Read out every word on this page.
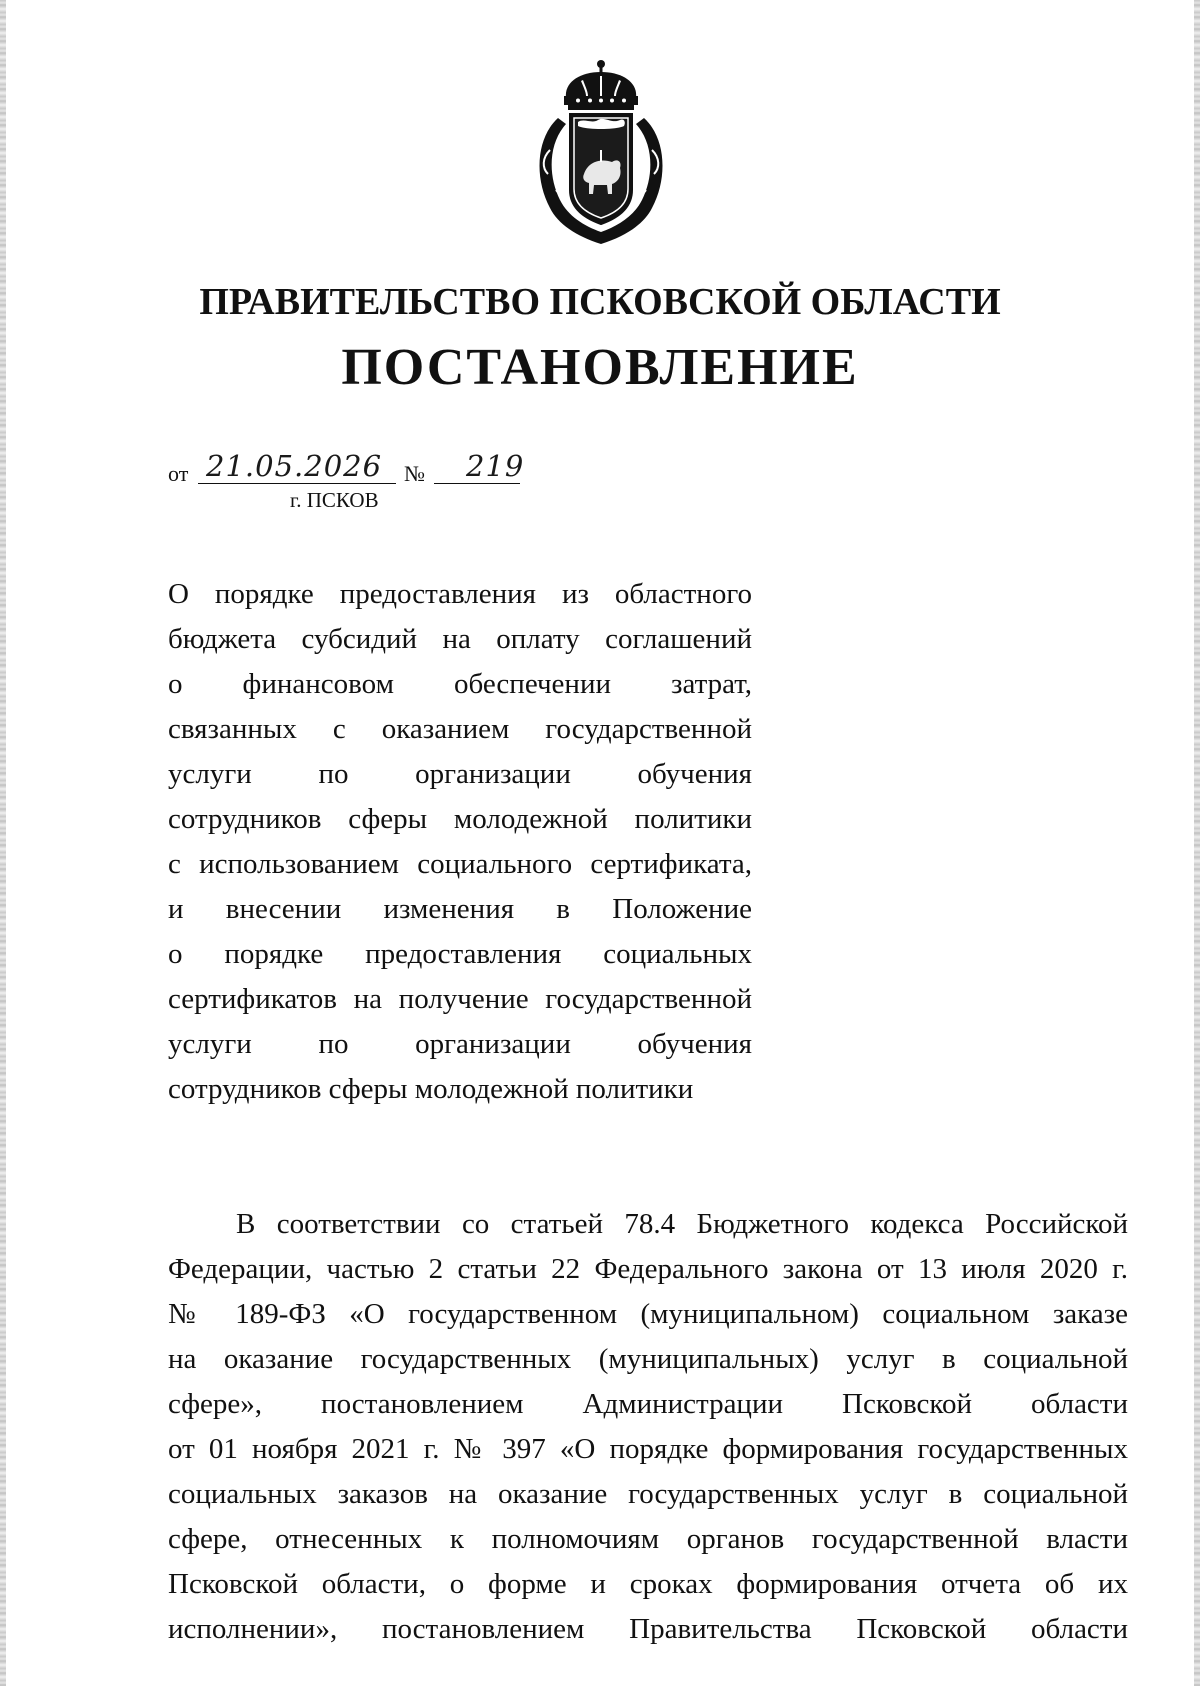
ПРАВИТЕЛЬСТВО ПСКОВСКОЙ ОБЛАСТИ
ПОСТАНОВЛЕНИЕ
от 21.05.2026 № 219
г. ПСКОВ
О порядке предоставления из областного
бюджета субсидий на оплату соглашений
о финансовом обеспечении затрат,
связанных с оказанием государственной
услуги по организации обучения
сотрудников сферы молодежной политики
с использованием социального сертификата,
и внесении изменения в Положение
о порядке предоставления социальных
сертификатов на получение государственной
услуги по организации обучения
сотрудников сферы молодежной политики
В соответствии со статьей 78.4 Бюджетного кодекса Российской
Федерации, частью 2 статьи 22 Федерального закона от 13 июля 2020 г.
№ 189-ФЗ «О государственном (муниципальном) социальном заказе
на оказание государственных (муниципальных) услуг в социальной
сфере», постановлением Администрации Псковской области
от 01 ноября 2021 г. № 397 «О порядке формирования государственных
социальных заказов на оказание государственных услуг в социальной
сфере, отнесенных к полномочиям органов государственной власти
Псковской области, о форме и сроках формирования отчета об их
исполнении», постановлением Правительства Псковской области
